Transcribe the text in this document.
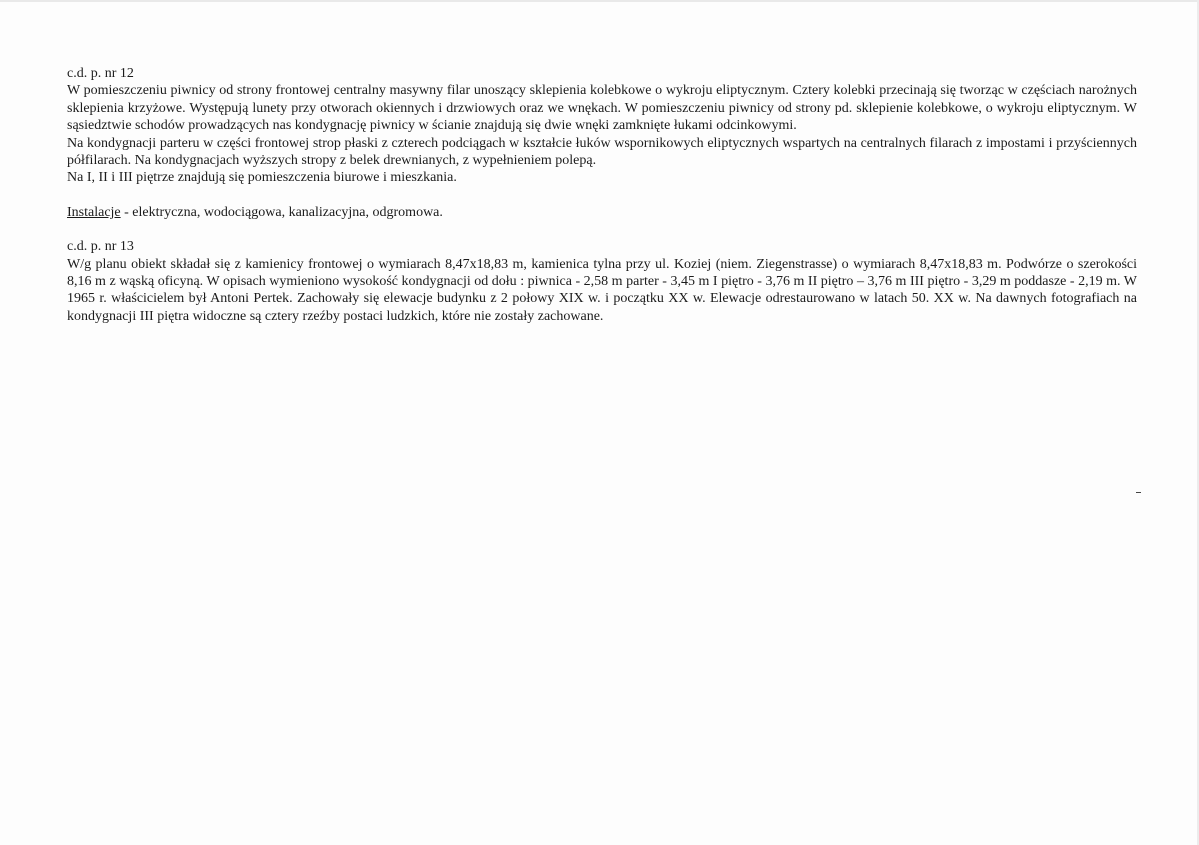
c.d. p. nr 12

W pomieszczeniu piwnicy od strony frontowej centralny masywny filar unoszący sklepienia kolebkowe o wykroju eliptycznym. Cztery kolebki przecinają się tworząc w częściach narożnych sklepienia krzyżowe. Występują lunety przy otworach okiennych i drzwiowych oraz we wnękach. W pomieszczeniu piwnicy od strony pd. sklepienie kolebkowe, o wykroju eliptycznym. W sąsiedztwie schodów prowadzących nas kondygnację piwnicy w ścianie znajdują się dwie wnęki zamknięte łukami odcinkowymi.

Na kondygnacji parteru w części frontowej strop płaski z czterech podciągach w kształcie łuków wspornikowych eliptycznych wspartych na centralnych filarach z impostami i przyściennych półfilarach. Na kondygnacjach wyższych stropy z belek drewnianych, z wypełnieniem polepą.

Na I, II i III piętrze znajdują się pomieszczenia biurowe i mieszkania.

Instalacje - elektryczna, wodociągowa, kanalizacyjna, odgromowa.

c.d. p. nr 13

W/g planu obiekt składał się z kamienicy frontowej o wymiarach 8,47x18,83 m, kamienica tylna przy ul. Koziej (niem. Ziegenstrasse) o wymiarach 8,47x18,83 m. Podwórze o szerokości 8,16 m z wąską oficyną. W opisach wymieniono wysokość kondygnacji od dołu : piwnica - 2,58 m parter - 3,45 m I piętro - 3,76 m II piętro – 3,76 m III piętro - 3,29 m poddasze - 2,19 m. W 1965 r. właścicielem był Antoni Pertek. Zachowały się elewacje budynku z 2 połowy XIX w. i początku XX w. Elewacje odrestaurowano w latach 50. XX w. Na dawnych fotografiach na kondygnacji III piętra widoczne są cztery rzeźby postaci ludzkich, które nie zostały zachowane.
